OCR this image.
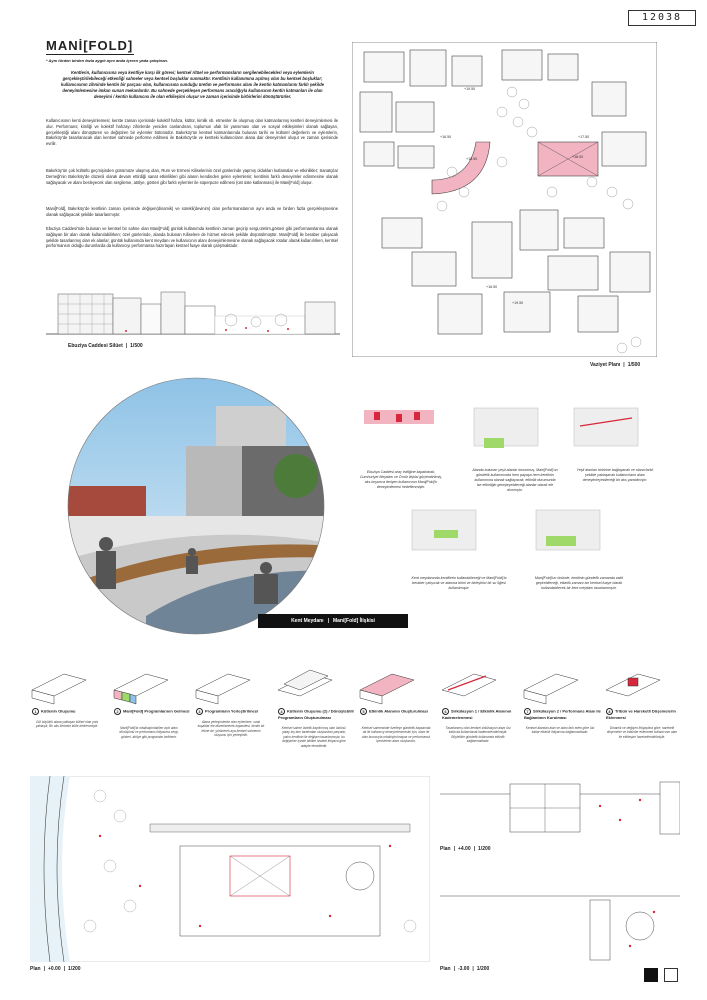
12038
MANİ[FOLD]
* Aynı türden birden fazla aygıtı aynı anda içeren yada çalıştıran.
Kentlerin, kullanıcısına veya kentliye karşı ilk görevi; kentsel ritüel ve performansların sergilenebilecekleri veya eylemlerin gerçekleştirilebileceği etkenliği sahneler veya kentsel boşluklar sunmaktır. Kentlinin kullanımına açılmış olan bu kentsel boşluklar; kullanıcısının zihninde kentin bir parçası olan, kullanıcısına sunduğu üretim ve performans alanı ile kentin katmanlarını farklı şekilde deneyimlemesine imkan sunan mekanlardır. Bu sahnede gerçekleşen performans aracılığıyla kullanıcının kentin katmanları ile olan deneyimi / kentin kullanıcısı ile olan etkileşimi oluşur ve zaman içerisinde birbirlerini dönüştürürler.
Kullanıcısının kenti deneyimlemesi; kentte zaman içerisinde kolektif hafıza, kültür, kimlik vb. etmenler ile oluşmuş olan katmanlarınış kentleri deneyimlemesi ile olur. Performans; kimliği ve kolektif hafızayı zihinlerde yeniden canlandıran, toplumun ufak bir yansıması olan ve sosyal etkileşimleri olanak sağlayan, gerçekleştiği alanı dönüştüren ve değiştiren bir eylemler bütünüdür. Bakırköy'ün kentsel katmanlarında bulunan tarihi ve kültürel değerlerin ve eylemlerin, Bakırköy'de tasarlanacak olan kentsel sahnede performe edilmesi ile Bakırköy'de ve kentteki kullanıcıların alana dair deneyimleri oluşur ve zaman içerisinde evrilir.
Bakırköy'ün çok kültürlü geçmişinden günümüze ulaşmış olan, Rum ve Ermeni Kiliselerinin özel günlerinde yapmış oldukları kutlamalar ve etkinlikler; Sanatçılar Derneği'nin Bakırköy'de düzenli olarak devam ettirdiği sanat etkinlikleri gibi alanın kendinden gelen eylemlerin; kentlinin farklı deneyimler edinmesine olanak sağlayacak ve alanı besleyecek olan sergileme, atölye, gösteri gibi farklı eylemler ile süperpoze edilmesi (üst üste katlanması) ile Mani[Fold] oluşur.
Mani[Fold], Bakırköy'de kentlinin zaman içerisinde değişen(dinamik) ve sürekli(devinim) olan performanslarının aynı anda ve birden fazla gerçekleşmesine olanak sağlayacak şekilde tasarlanmıştır.
Ebuziya Caddesi'nde bulunan ve kentsel bir sahne olan Mani[Fold] günlük kullanımda kentlinin zaman geçirip sergi,üretim,gösteri gibi performanslarına olanak sağlayan bir alan olarak kullanılabilirken; özel günlerinde, alanda bulunan Kiliselere de hizmet edecek şekilde düşünülmüştür. Mani[Fold] ile beraber çalışacak şekilde tasarlanmış olan ek alanlar, günlük kullanımda kent meydanı ve kullanıcının alanı deneyimlemesine olanak sağlayacak rotalar olarak kullanılırken, kentsel performansın olduğu durumlarda da kullanıcıyı performansa hazırlayan kentsel fuaye olarak çalışmaktadır.
Ebuziya Caddesi Silüet | 1/500
+19.50
+16.50
+18.50
+17.50
+18.00
+16.50
+19.50
Vaziyet Planı | 1/500
Kent Meydanı | Mani[Fold] İlişkisi
Ebuziya Caddesi araç trafiğine kapatılarak, Cumhuriyet Meydanı ve Ömür ilişkisi güçlendirilmiş, aks boyunca iteriyen kullanıcının Mani[Fold]'u deneyimlemesi hedeflenmiştir.
Alanda bulunan yeşil alanlar korunmuş, Mani[Fold]'un gündelik kullanımında hem payaşa hem kentlinin kullanımına olanak sağlayacak, etkinlik durumunda ise etkinliğin genişleyebileceği alanlar olarak ele alınmıştır.
Yeşil alanları birbirine bağlayacak ve olana farklı şekilde yaklaşacak kullanıcıların alanı deneyimleyebileceği bir aks yaratılmıştır.
Kent meydanında kentlilerin kullanabileceği ve Mani[Fold]'la beraber çalışıcak ve alanına birini ve birleştirici bir su öğesi kullanılmıştır.
Mani[Fold]'un önünde, kentlinin gündelik zamanda vakit geçirebileceği, etkinlik zamanı ise kentsel fuaye olarak kullanılabilecek bir kent meydanı tasarlanmıştır.
1 Kütlenin Oluşumu
Gül büyüklü alana yaklaşan kütleri olan yola yaklaşık, Bir aks ilerimbir kütle belirlenmiştir.
2 Mani[Fold] Programlarının Gelmesi
Mani[Fold]'ta ortaklaştırılabilen açık alanı dönüşümü ve performans ihtiyacına sergi, gösteri, atölye gibi programlar belirlenir.
3 Programların Yerleştirilmesi
Alana yerleşimlerde olan eylemlere, sıralı kuşaklar ele düzenlenerek kapasitesi, kentin bir tekne de, yürünerek aya kentsel sahnenin oluşumu için yerleştirilir.
4 Kütlenin Oluşumu (2) / Dönüştebilir Programların Oluşturulması
Kentsel sahne üstelik kaydırılmış olan üstünü, yatay kış tam tarafından oluşturulan parçalar, yakın kentlinin ile değişen tasarlanmıştır, bu değişimler içinde birlikte hisdeki ihtiyaca göre adapte etmektedir.
5 Etkinlik Alanının Oluşturulması
Kentsel sahnesinde özelleşe gündelik kapsamda da ile kullanıcıy deneyimlenmesini için, olanı ile olan kurucuyla ortaklıştırılmayaz ve performanslı içeriselerin alanı oluşturulur.
6 Sirkülasyon 1 / Etkinlik Alanının Kademelenmesi
Tasarlanmış olan kentsel sirkülasyon alanı üst katla da kullanılacak kademelendirilmiştir. Böylelikle gündelik kullanımda etkinlik sağlanmaktadır.
7 Sirkülasyon 2 / Performans Alanı ile Bağlantının Kurulması
Kentsel alandan alan ve alanı fark eden göre üst katlar etkinlik ihtiyacına bağlanmaktadır.
8 Tribün ve Hareketli Döşemelerin Eklenmesi
Dinamik ve değişen ihtiyaçlara göre; hareketli döşemeler ve tribünler eklenerek kullanıcının alan ile etkileşimi hareketlendirilmiştir.
Plan | +0.00 | 1/200
Plan | +4.00 | 1/200
Plan | -3.00 | 1/200
